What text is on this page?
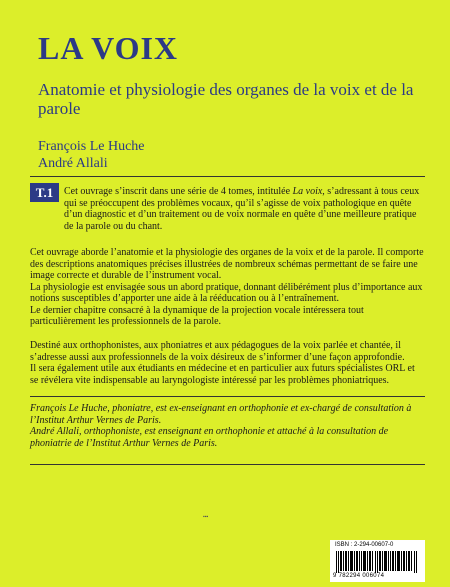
LA VOIX
Anatomie et physiologie des organes de la voix et de la parole
François Le Huche
André Allali
T.1	Cet ouvrage s’inscrit dans une série de 4 tomes, intitulée La voix, s’adressant à tous ceux qui se préoccupent des problèmes vocaux, qu’il s’agisse de voix pathologique en quête d’un diagnostic et d’un traitement ou de voix normale en quête d’une meilleure pratique de la parole ou du chant.

Cet ouvrage aborde l’anatomie et la physiologie des organes de la voix et de la parole. Il comporte des descriptions anatomiques précises illustrées de nombreux schémas permettant de se faire une image correcte et durable de l’instrument vocal.

La physiologie est envisagée sous un abord pratique, donnant délibérément plus d’importance aux notions susceptibles d’apporter une aide à la rééducation ou à l’entraînement.

Le dernier chapitre consacré à la dynamique de la projection vocale intéressera tout particulièrement les professionnels de la parole.

Destiné aux orthophonistes, aux phoniatres et aux pédagogues de la voix parlée et chantée, il s’adresse aussi aux professionnels de la voix désireux de s’informer d’une façon approfondie.

Il sera également utile aux étudiants en médecine et en particulier aux futurs spécialistes ORL et se révélera vite indispensable au laryngologiste intéressé par les problèmes phoniatriques.

François Le Huche, phoniatre, est ex-enseignant en orthophonie et ex-chargé de consultation à l’Institut Arthur Vernes de Paris.

André Allali, orthophoniste, est enseignant en orthophonie et attaché à la consultation de phoniatrie de l’Institut Arthur Vernes de Paris.

▪▪▪
ISBN : 2-294-00607-0
9 782294 006074
